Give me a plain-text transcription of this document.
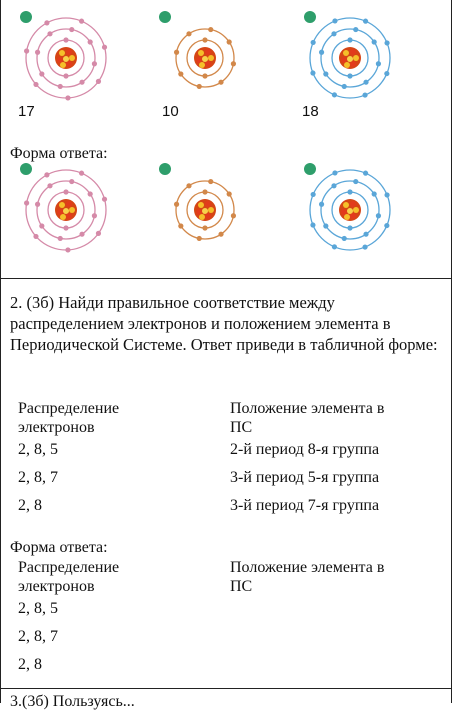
17	10	18
Форма ответа:
2. (3б) Найди правильное соответствие между распределением электронов и положением элемента в Периодической Системе. Ответ приведи в табличной форме:
Распределение
электронов
Положение элемента в
ПС
2, 8, 5
2, 8, 7
2, 8
2-й период 8-я группа
3-й период 5-я группа
3-й период 7-я группа
Форма ответа:
Распределение
электронов
Положение элемента в
ПС
2, 8, 5
2, 8, 7
2, 8
3.(3б) Пользуясь...
